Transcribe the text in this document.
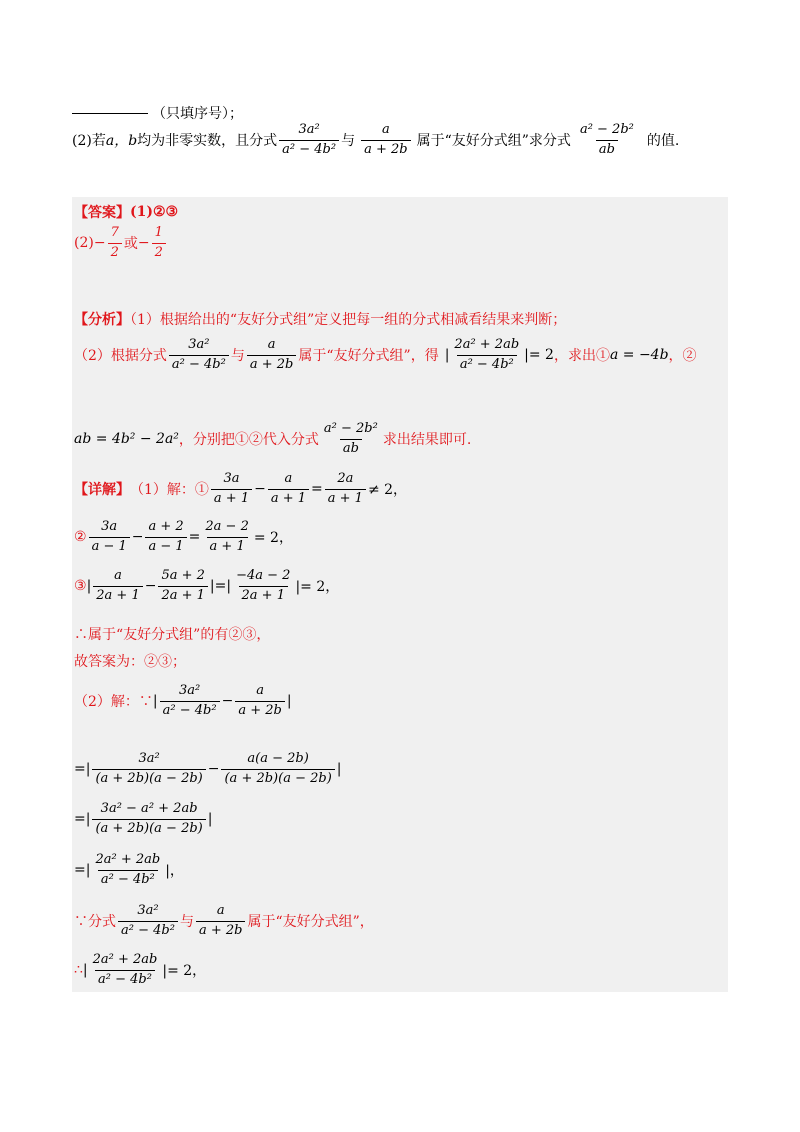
（只填序号）；
(2)若 a，b 均为非零实数，且分式 $\frac{\text{3a²}}{\text{a² − 4b²}}$ 与 $\frac{a}{a + 2b}$ 属于“友好分式组”求分式 $\frac{\text{a² − 2b²}}{ab}$ 的值.
【答案】 (1)②③
$(2) - \frac{7}{2}$ 或 − $\frac{1}{2}$
【分析】（1）根据给出的“友好分式组”定义把每一组的分式相减看结果来判断；
（2）根据分式 $\frac{\text{3a²}}{\text{a² − 4b²}}$ 与 $\frac{a}{a + 2b}$ 属于“友好分式组”，得 | $\frac{\text{2a² + 2ab}}{\text{a² − 4b²}}$ | = 2 ，求出① a = −4b ，②
ab = 4b² − 2a² ，分别把①②代入分式 $\frac{\text{a² − 2b²}}{ab}$ 求出结果即可.
【详解】 （1）解：① $\frac{3a}{a + 1} - \frac{a}{a + 1} = \frac{2a}{a + 1} \ne 2$，
② $\frac{3a}{a - 1} - \frac{a + 2}{a - 1} = \frac{2a - 2}{a + 1} = 2$，
③ | $\frac{a}{2a + 1} - \frac{5a + 2}{2a + 1}$ |=| $\frac{-4a - 2}{2a + 1}$ |= 2，
∴属于“友好分式组”的有②③，
故答案为：②③；
（2）解：∵ | $\frac{\text{3a²}}{\text{a² − 4b²}} - \frac{a}{a + 2b}$ |
=| $\frac{\text{3a²}}{(a + 2b)(a - 2b)} - \frac{a(a - 2b)}{(a + 2b)(a - 2b)}$ |
=| $\frac{\text{3a² − a² + 2ab}}{(a + 2b)(a - 2b)}$ |
=| $\frac{\text{2a² + 2ab}}{\text{a² − 4b²}}$ |，
∵分式 $\frac{\text{3a²}}{\text{a² − 4b²}}$ 与 $\frac{a}{a + 2b}$ 属于“友好分式组”，
∴ | $\frac{\text{2a² + 2ab}}{\text{a² − 4b²}}$ |= 2，
